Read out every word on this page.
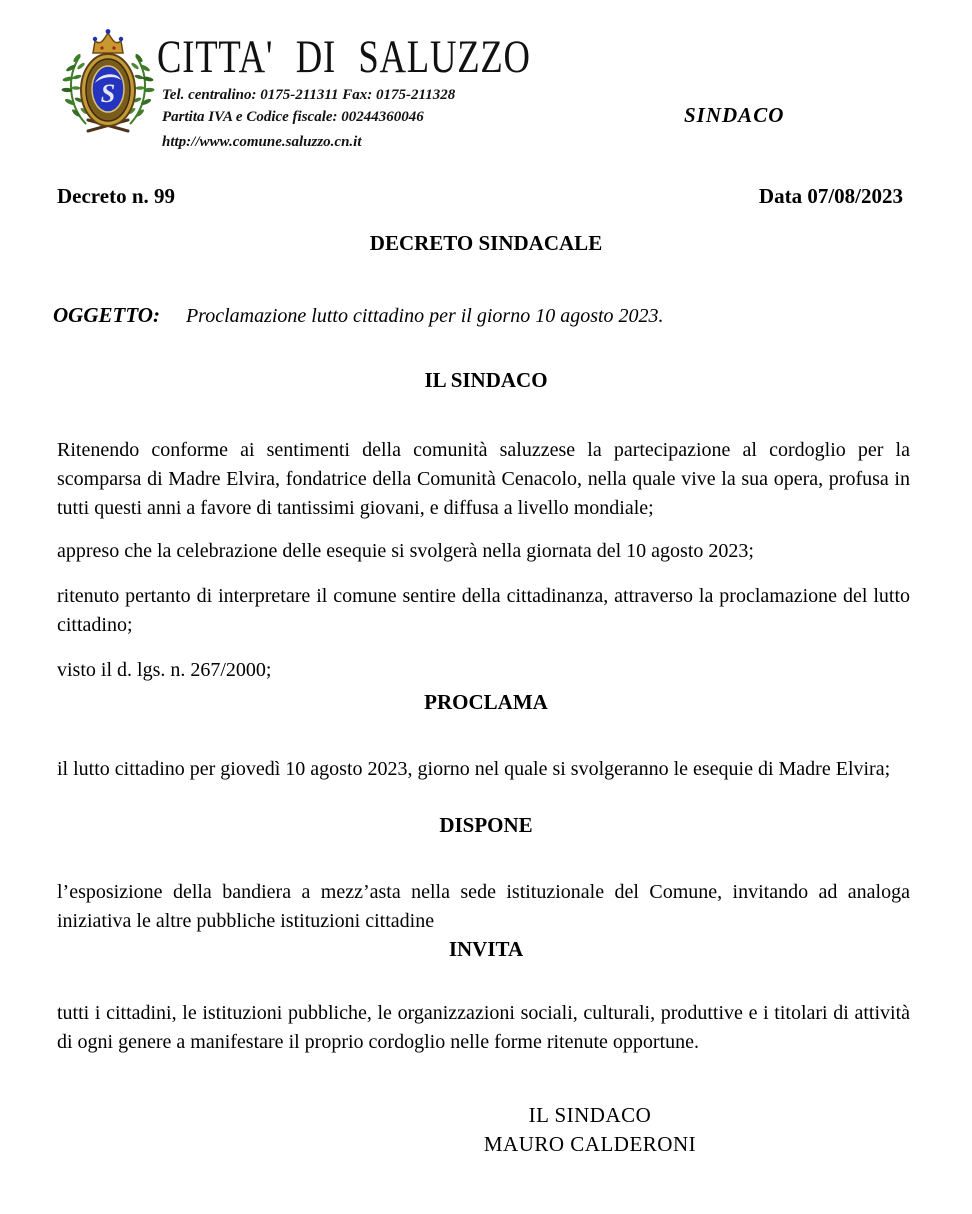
S
CITTA' DI SALUZZO
Tel. centralino: 0175-211311 Fax: 0175-211328
Partita IVA e Codice fiscale: 00244360046
http://www.comune.saluzzo.cn.it
SINDACO
Decreto n. 99	Data 07/08/2023
DECRETO SINDACALE
OGGETTO: Proclamazione lutto cittadino per il giorno 10 agosto 2023.
IL SINDACO

Ritenendo conforme ai sentimenti della comunità saluzzese la partecipazione al cordoglio per la scomparsa di Madre Elvira, fondatrice della Comunità Cenacolo, nella quale vive la sua opera, profusa in tutti questi anni a favore di tantissimi giovani, e diffusa a livello mondiale;

appreso che la celebrazione delle esequie si svolgerà nella giornata del 10 agosto 2023;

ritenuto pertanto di interpretare il comune sentire della cittadinanza, attraverso la proclamazione del lutto cittadino;

visto il d. lgs. n. 267/2000;

PROCLAMA

il lutto cittadino per giovedì 10 agosto 2023, giorno nel quale si svolgeranno le esequie di Madre Elvira;

DISPONE

l’esposizione della bandiera a mezz’asta nella sede istituzionale del Comune, invitando ad analoga iniziativa le altre pubbliche istituzioni cittadine

INVITA

tutti i cittadini, le istituzioni pubbliche, le organizzazioni sociali, culturali, produttive e i titolari di attività di ogni genere a manifestare il proprio cordoglio nelle forme ritenute opportune.

IL SINDACO
MAURO CALDERONI
